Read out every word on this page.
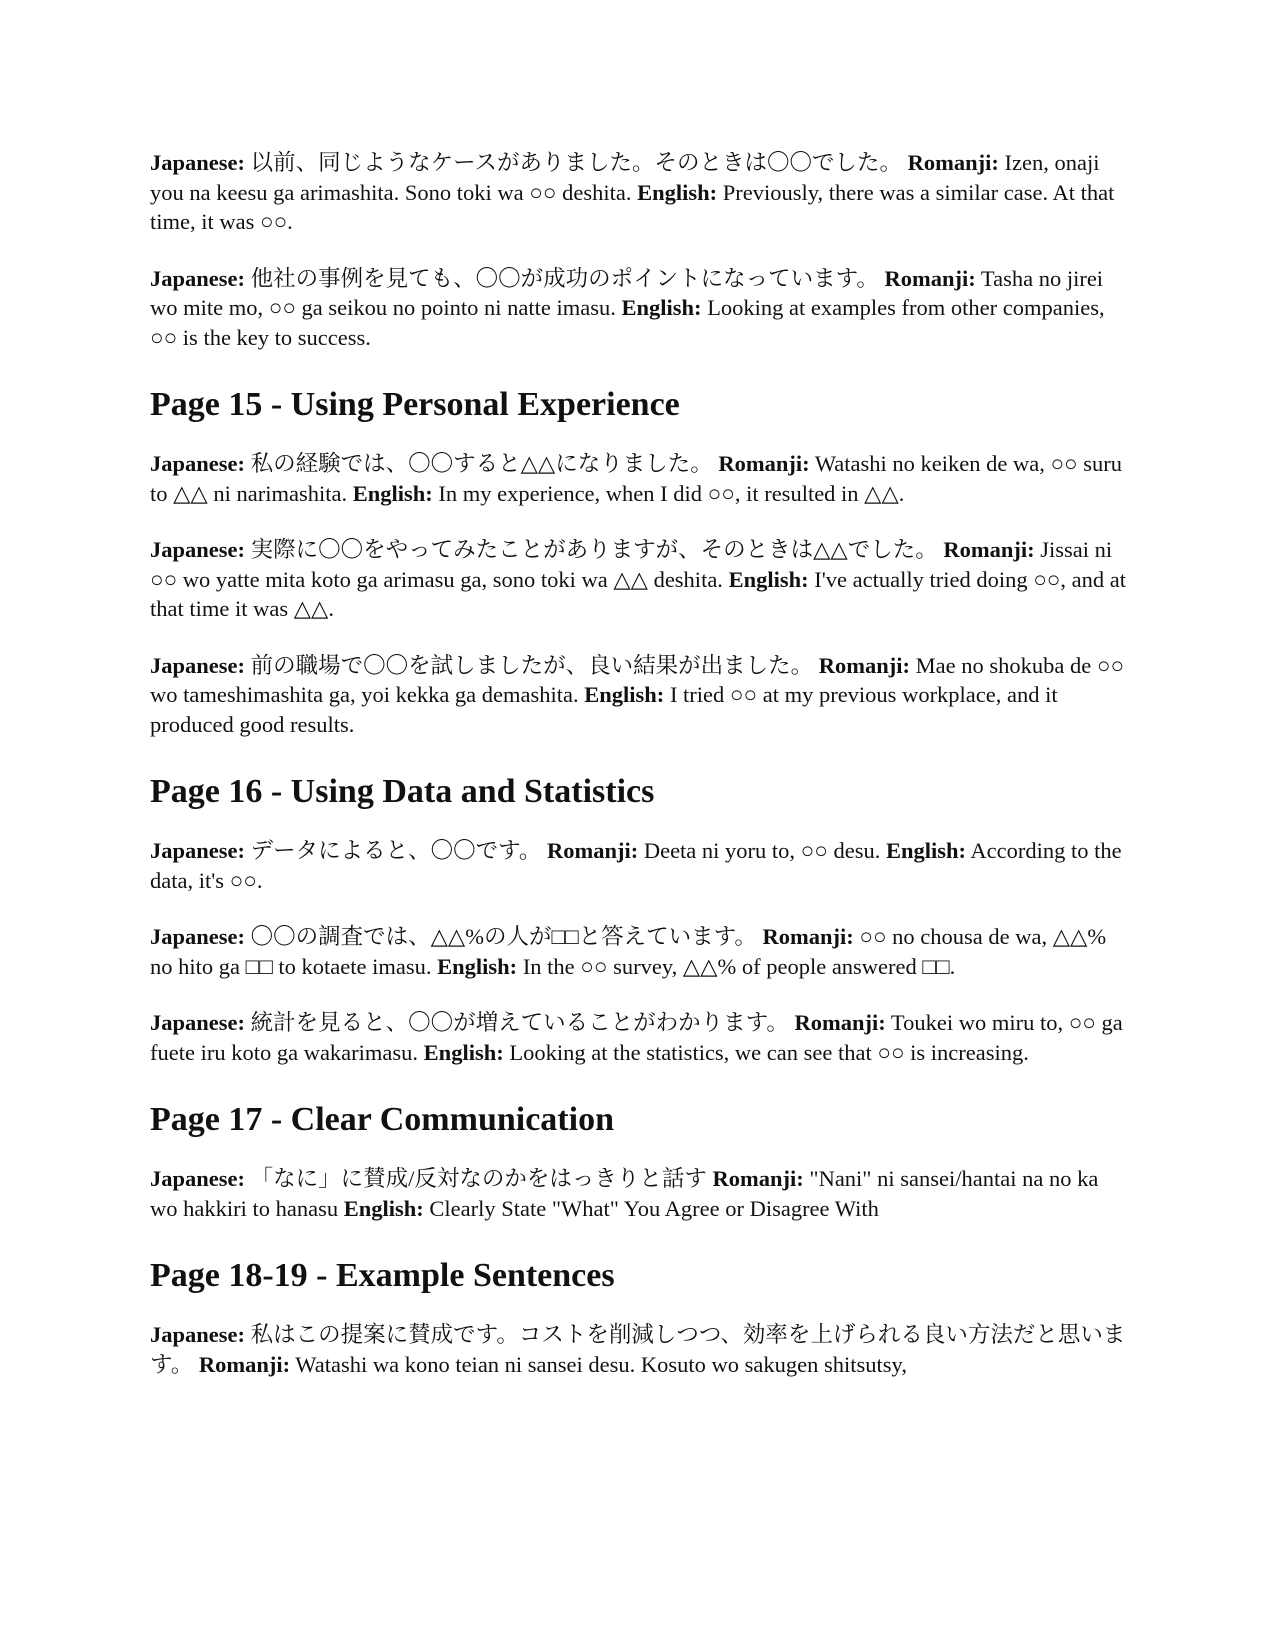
Japanese: 以前、同じようなケースがありました。そのときは〇〇でした。 Romanji: Izen, onaji you na keesu ga arimashita. Sono toki wa ○○ deshita. English: Previously, there was a similar case. At that time, it was ○○.

Japanese: 他社の事例を見ても、〇〇が成功のポイントになっています。 Romanji: Tasha no jirei wo mite mo, ○○ ga seikou no pointo ni natte imasu. English: Looking at examples from other companies, ○○ is the key to success.

Page 15 - Using Personal Experience

Japanese: 私の経験では、〇〇すると△△になりました。 Romanji: Watashi no keiken de wa, ○○ suru to △△ ni narimashita. English: In my experience, when I did ○○, it resulted in △△.

Japanese: 実際に〇〇をやってみたことがありますが、そのときは△△でした。 Romanji: Jissai ni ○○ wo yatte mita koto ga arimasu ga, sono toki wa △△ deshita. English: I've actually tried doing ○○, and at that time it was △△.

Japanese: 前の職場で〇〇を試しましたが、良い結果が出ました。 Romanji: Mae no shokuba de ○○ wo tameshimashita ga, yoi kekka ga demashita. English: I tried ○○ at my previous workplace, and it produced good results.

Page 16 - Using Data and Statistics

Japanese: データによると、〇〇です。 Romanji: Deeta ni yoru to, ○○ desu. English: According to the data, it's ○○.

Japanese: 〇〇の調査では、△△%の人が□□と答えています。 Romanji: ○○ no chousa de wa, △△% no hito ga □□ to kotaete imasu. English: In the ○○ survey, △△% of people answered □□.

Japanese: 統計を見ると、〇〇が増えていることがわかります。 Romanji: Toukei wo miru to, ○○ ga fuete iru koto ga wakarimasu. English: Looking at the statistics, we can see that ○○ is increasing.

Page 17 - Clear Communication

Japanese: 「なに」に賛成/反対なのかをはっきりと話す Romanji: "Nani" ni sansei/hantai na no ka wo hakkiri to hanasu English: Clearly State "What" You Agree or Disagree With

Page 18-19 - Example Sentences

Japanese: 私はこの提案に賛成です。コストを削減しつつ、効率を上げられる良い方法だと思います。 Romanji: Watashi wa kono teian ni sansei desu. Kosuto wo sakugen shitsutsy,
